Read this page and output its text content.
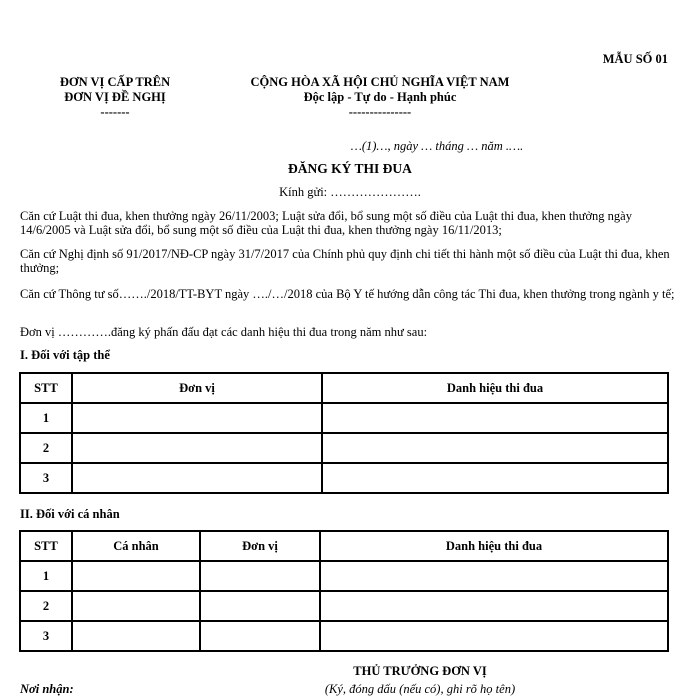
MẪU SỐ 01
ĐƠN VỊ CẤP TRÊN
ĐƠN VỊ ĐỀ NGHỊ
-------
CỘNG HÒA XÃ HỘI CHỦ NGHĨA VIỆT NAM
Độc lập - Tự do - Hạnh phúc
---------------
…(1)…, ngày … tháng … năm .….
ĐĂNG KÝ THI ĐUA
Kính gửi: ………………….
Căn cứ Luật thi đua, khen thưởng ngày 26/11/2003; Luật sửa đổi, bổ sung một số điều của Luật thi đua, khen thưởng ngày 14/6/2005 và Luật sửa đổi, bổ sung một số điều của Luật thi đua, khen thưởng ngày 16/11/2013;
Căn cứ Nghị định số 91/2017/NĐ-CP ngày 31/7/2017 của Chính phủ quy định chi tiết thi hành một số điều của Luật thi đua, khen thưởng;
Căn cứ Thông tư số……./2018/TT-BYT ngày …./…/2018 của Bộ Y tế hướng dẫn công tác Thi đua, khen thưởng trong ngành y tế;
Đơn vị ………….đăng ký phấn đấu đạt các danh hiệu thi đua trong năm như sau:
I. Đối với tập thể
STT	Đơn vị	Danh hiệu thi đua
1		
2		
3		
II. Đối với cá nhân
STT	Cá nhân	Đơn vị	Danh hiệu thi đua
1			
2			
3			
THỦ TRƯỞNG ĐƠN VỊ
(Ký, đóng dấu (nếu có), ghi rõ họ tên)
Nơi nhận:
